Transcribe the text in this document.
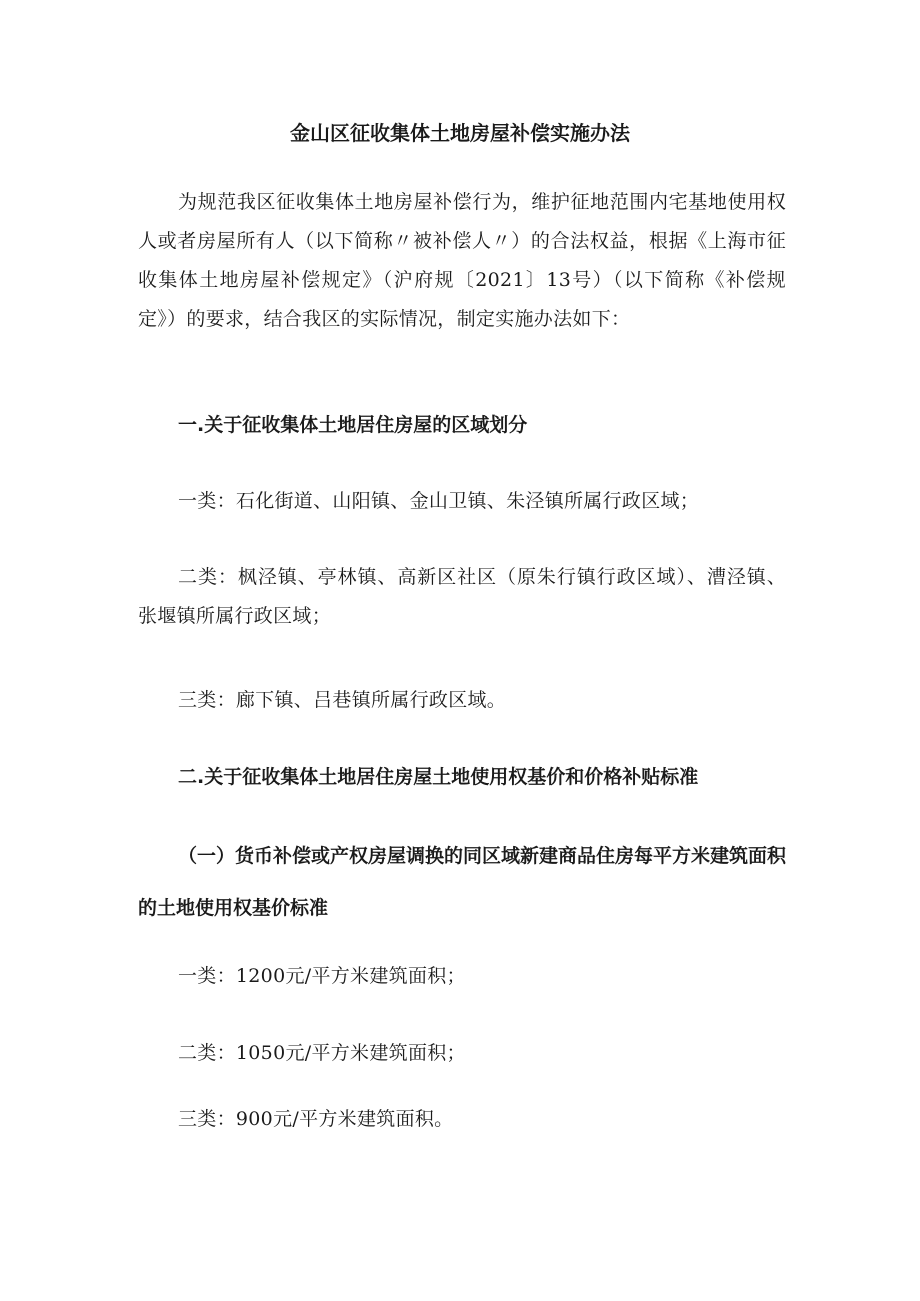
金山区征收集体土地房屋补偿实施办法

为规范我区征收集体土地房屋补偿行为，维护征地范围内宅基地使用权人或者房屋所有人（以下简称〃被补偿人〃）的合法权益，根据《上海市征收集体土地房屋补偿规定》（沪府规〔2021〕13号）（以下简称《补偿规定》）的要求，结合我区的实际情况，制定实施办法如下：

一.关于征收集体土地居住房屋的区域划分

一类：石化街道、山阳镇、金山卫镇、朱泾镇所属行政区域；

二类：枫泾镇、亭林镇、高新区社区（原朱行镇行政区域）、漕泾镇、张堰镇所属行政区域；

三类：廊下镇、吕巷镇所属行政区域。

二.关于征收集体土地居住房屋土地使用权基价和价格补贴标准

（一）货币补偿或产权房屋调换的同区域新建商品住房每平方米建筑面积的土地使用权基价标准

一类：1200元/平方米建筑面积；

二类：1050元/平方米建筑面积；

三类：900元/平方米建筑面积。
